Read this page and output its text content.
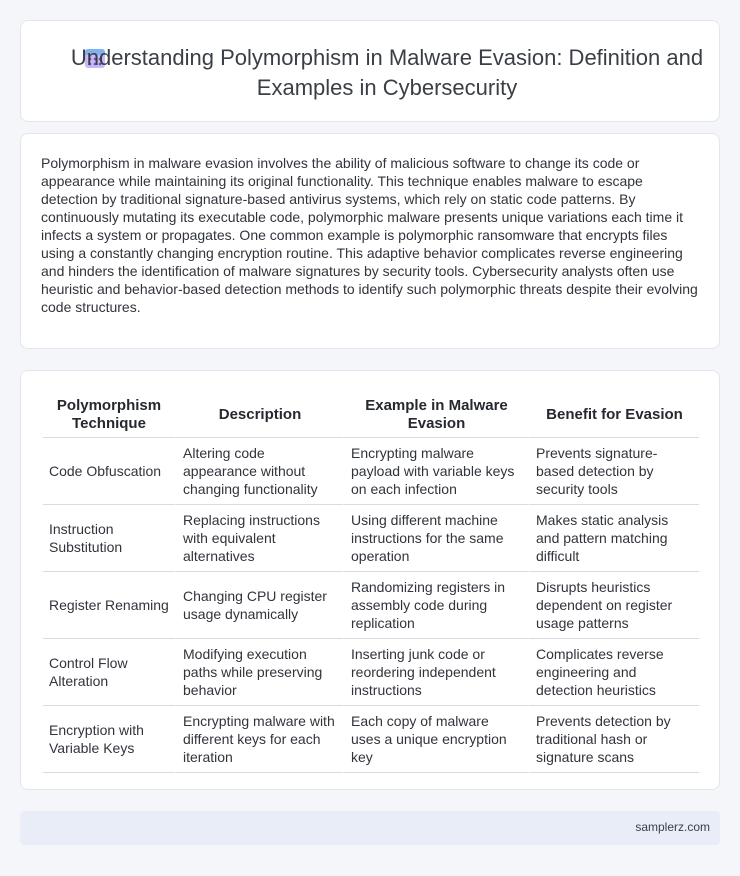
Understanding Polymorphism in Malware Evasion: Definition and Examples in Cybersecurity

Polymorphism in malware evasion involves the ability of malicious software to change its code or appearance while maintaining its original functionality. This technique enables malware to escape detection by traditional signature-based antivirus systems, which rely on static code patterns. By continuously mutating its executable code, polymorphic malware presents unique variations each time it infects a system or propagates. One common example is polymorphic ransomware that encrypts files using a constantly changing encryption routine. This adaptive behavior complicates reverse engineering and hinders the identification of malware signatures by security tools. Cybersecurity analysts often use heuristic and behavior-based detection methods to identify such polymorphic threats despite their evolving code structures.

Polymorphism Technique	Description	Example in Malware Evasion	Benefit for Evasion
Code Obfuscation	Altering code appearance without changing functionality	Encrypting malware payload with variable keys on each infection	Prevents signature-based detection by security tools
Instruction Substitution	Replacing instructions with equivalent alternatives	Using different machine instructions for the same operation	Makes static analysis and pattern matching difficult
Register Renaming	Changing CPU register usage dynamically	Randomizing registers in assembly code during replication	Disrupts heuristics dependent on register usage patterns
Control Flow Alteration	Modifying execution paths while preserving behavior	Inserting junk code or reordering independent instructions	Complicates reverse engineering and detection heuristics
Encryption with Variable Keys	Encrypting malware with different keys for each iteration	Each copy of malware uses a unique encryption key	Prevents detection by traditional hash or signature scans
samplerz.com
